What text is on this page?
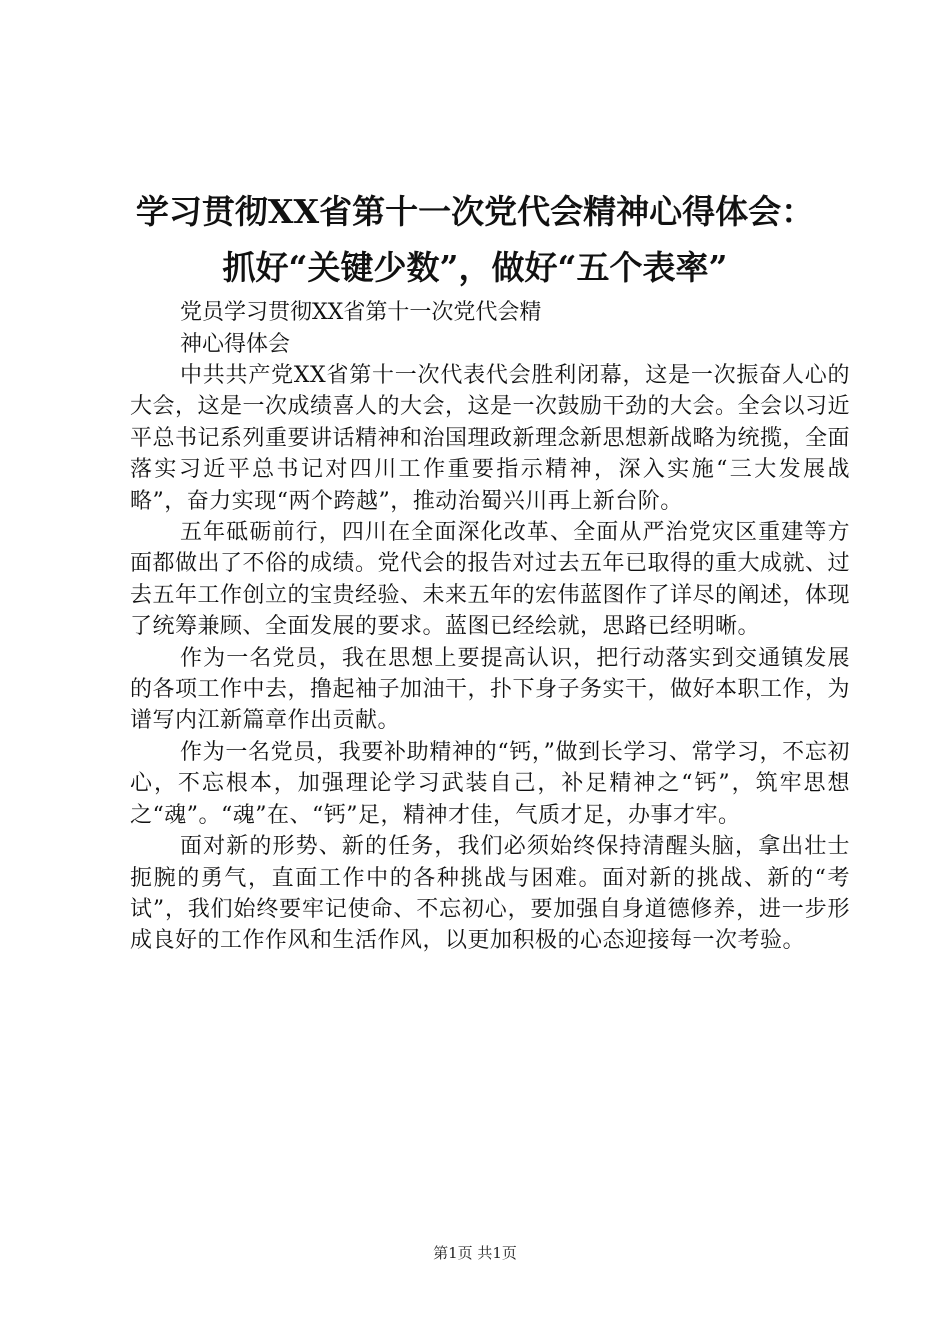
学习贯彻XX省第十一次党代会精神心得体会：
抓好“关键少数”，做好“五个表率”
党员学习贯彻XX省第十一次党代会精
神心得体会

中共共产党XX省第十一次代表代会胜利闭幕，这是一次振奋人心的大会，这是一次成绩喜人的大会，这是一次鼓励干劲的大会。全会以习近平总书记系列重要讲话精神和治国理政新理念新思想新战略为统揽，全面落实习近平总书记对四川工作重要指示精神，深入实施“三大发展战略”，奋力实现“两个跨越”，推动治蜀兴川再上新台阶。

五年砥砺前行，四川在全面深化改革、全面从严治党灾区重建等方面都做出了不俗的成绩。党代会的报告对过去五年已取得的重大成就、过去五年工作创立的宝贵经验、未来五年的宏伟蓝图作了详尽的阐述，体现了统筹兼顾、全面发展的要求。蓝图已经绘就，思路已经明晰。

作为一名党员，我在思想上要提高认识，把行动落实到交通镇发展的各项工作中去，撸起袖子加油干，扑下身子务实干，做好本职工作，为谱写内江新篇章作出贡献。

作为一名党员，我要补助精神的“钙，”做到长学习、常学习，不忘初心，不忘根本，加强理论学习武装自己，补足精神之“钙”，筑牢思想之“魂”。“魂”在、“钙”足，精神才佳，气质才足，办事才牢。

面对新的形势、新的任务，我们必须始终保持清醒头脑，拿出壮士扼腕的勇气，直面工作中的各种挑战与困难。面对新的挑战、新的“考试”，我们始终要牢记使命、不忘初心，要加强自身道德修养，进一步形成良好的工作作风和生活作风，以更加积极的心态迎接每一次考验。

第1页 共1页
